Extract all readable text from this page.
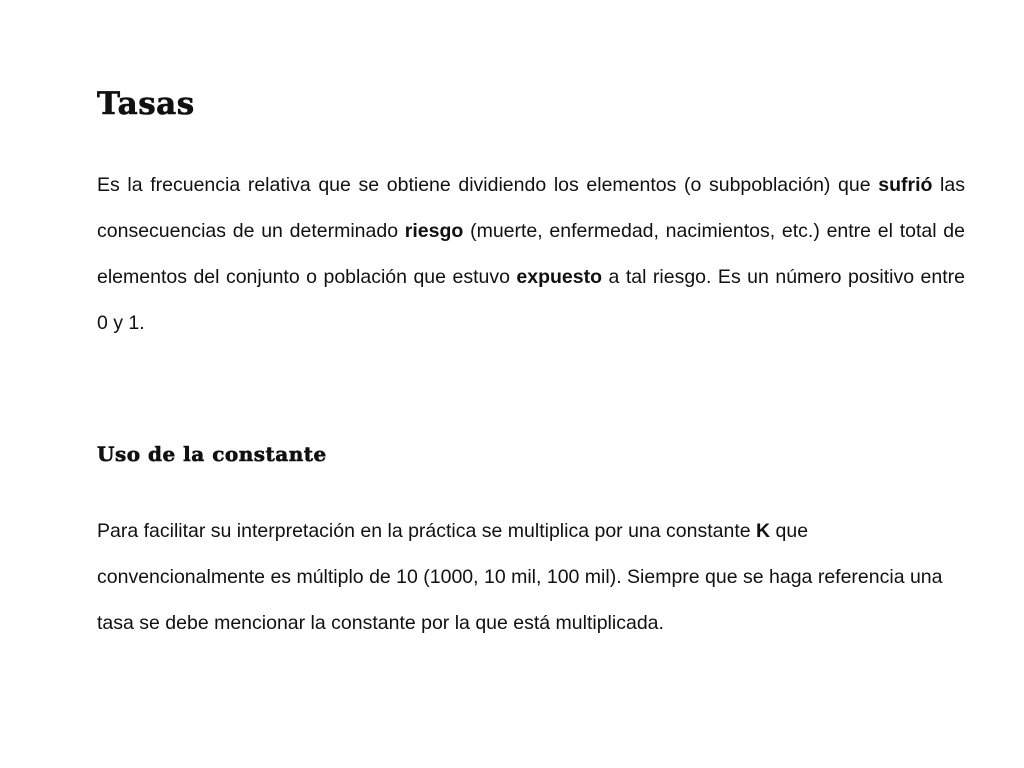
Tasas

Es la frecuencia relativa que se obtiene dividiendo los elementos (o subpoblación) que sufrió las consecuencias de un determinado riesgo (muerte, enfermedad, nacimientos, etc.) entre el total de elementos del conjunto o población que estuvo expuesto a tal riesgo. Es un número positivo entre 0 y 1.

Uso de la constante

Para facilitar su interpretación en la práctica se multiplica por una constante K que convencionalmente es múltiplo de 10 (1000, 10 mil, 100 mil). Siempre que se haga referencia una tasa se debe mencionar la constante por la que está multiplicada.
